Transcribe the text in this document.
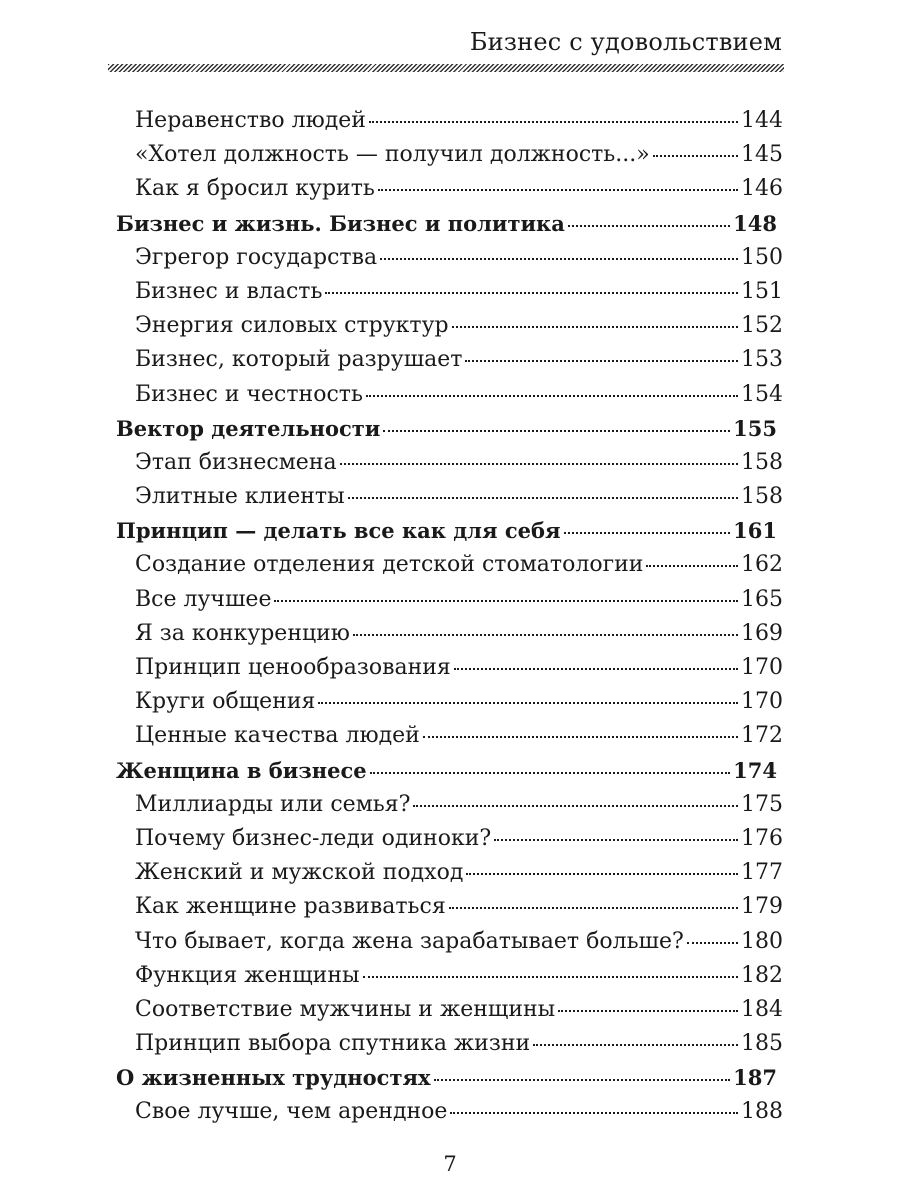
Бизнес с удовольствием
Неравенство людей	144
«Хотел должность — получил должность...»	145
Как я бросил курить	146
Бизнес и жизнь. Бизнес и политика	148
Эгрегор государства	150
Бизнес и власть	151
Энергия силовых структур	152
Бизнес, который разрушает	153
Бизнес и честность	154
Вектор деятельности	155
Этап бизнесмена	158
Элитные клиенты	158
Принцип — делать все как для себя	161
Создание отделения детской стоматологии	162
Все лучшее	165
Я за конкуренцию	169
Принцип ценообразования	170
Круги общения	170
Ценные качества людей	172
Женщина в бизнесе	174
Миллиарды или семья?	175
Почему бизнес-леди одиноки?	176
Женский и мужской подход	177
Как женщине развиваться	179
Что бывает, когда жена зарабатывает больше?	180
Функция женщины	182
Соответствие мужчины и женщины	184
Принцип выбора спутника жизни	185
О жизненных трудностях	187
Свое лучше, чем арендное	188
7
